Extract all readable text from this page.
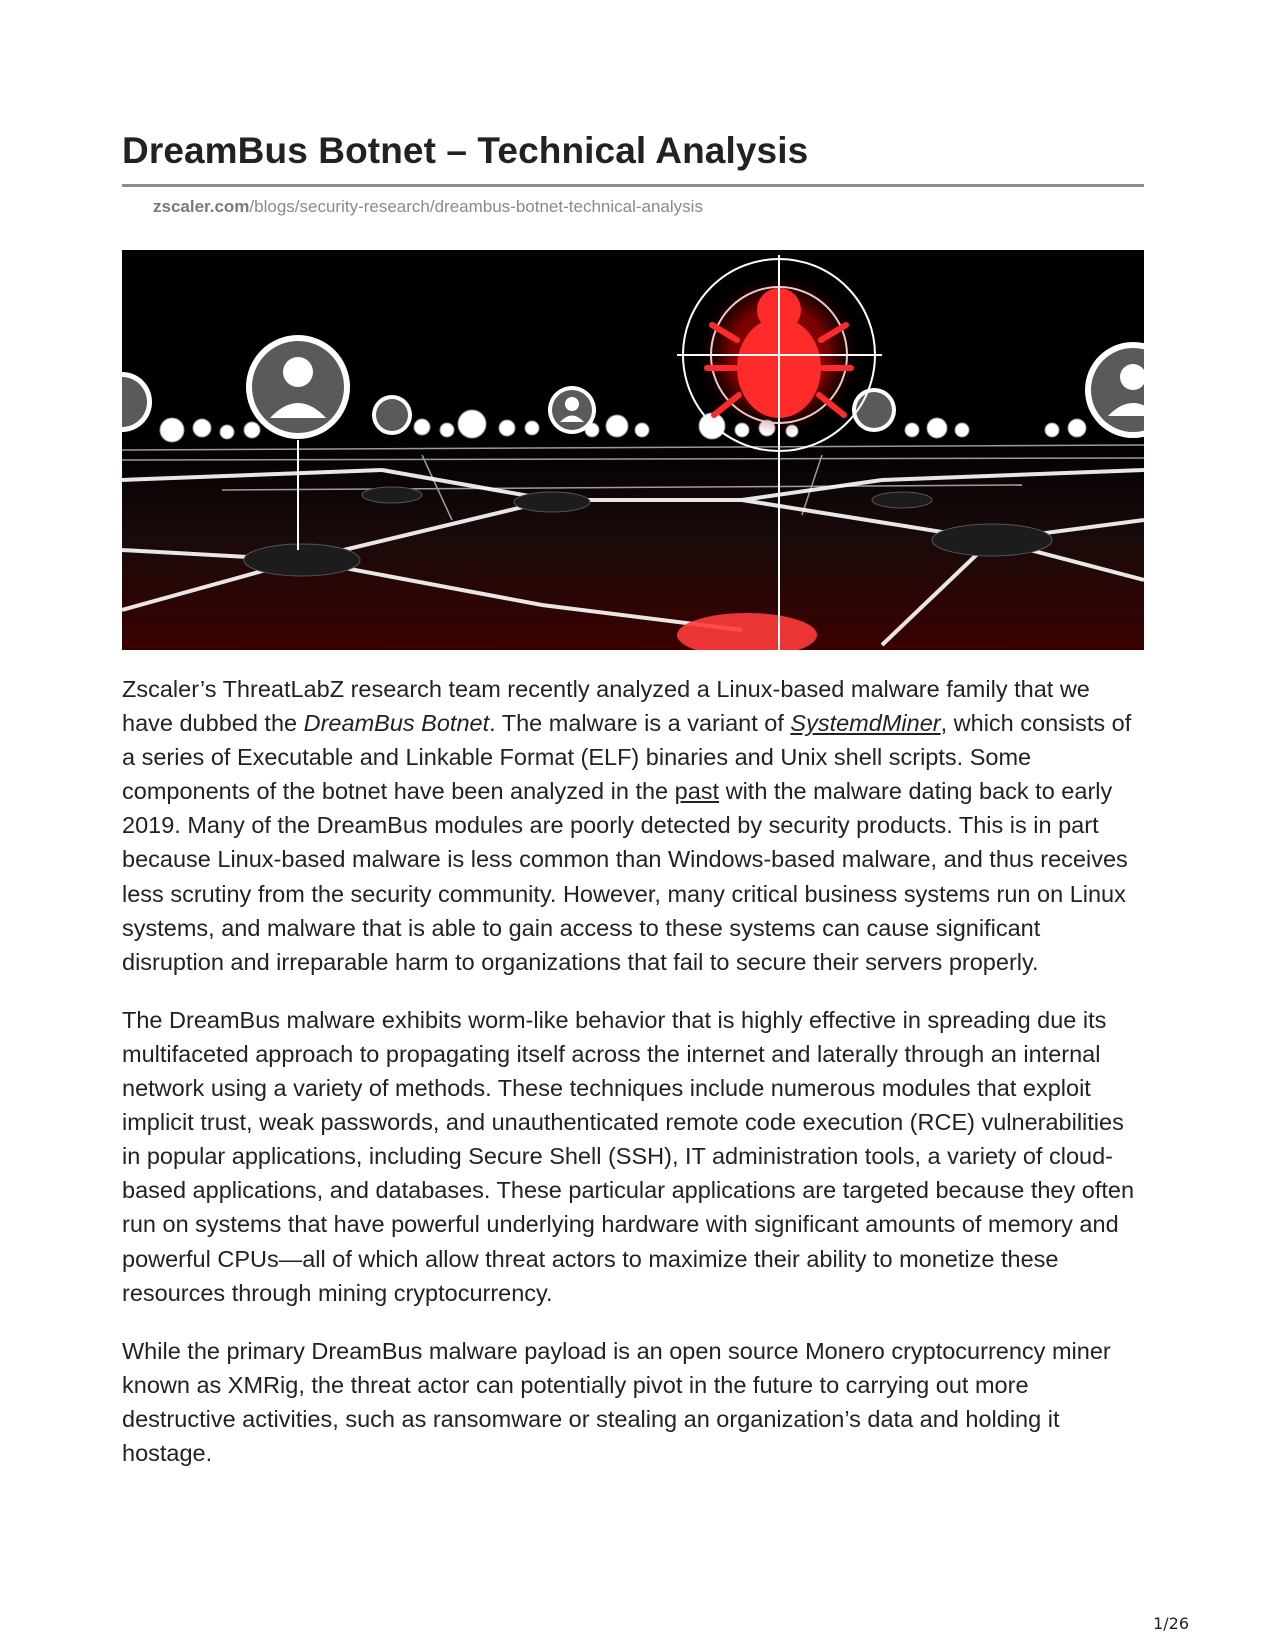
DreamBus Botnet – Technical Analysis
zscaler.com/blogs/security-research/dreambus-botnet-technical-analysis

Zscaler’s ThreatLabZ research team recently analyzed a Linux-based malware family that we have dubbed the DreamBus Botnet. The malware is a variant of SystemdMiner, which consists of a series of Executable and Linkable Format (ELF) binaries and Unix shell scripts. Some components of the botnet have been analyzed in the past with the malware dating back to early 2019. Many of the DreamBus modules are poorly detected by security products. This is in part because Linux-based malware is less common than Windows-based malware, and thus receives less scrutiny from the security community. However, many critical business systems run on Linux systems, and malware that is able to gain access to these systems can cause significant disruption and irreparable harm to organizations that fail to secure their servers properly.

The DreamBus malware exhibits worm-like behavior that is highly effective in spreading due its multifaceted approach to propagating itself across the internet and laterally through an internal network using a variety of methods. These techniques include numerous modules that exploit implicit trust, weak passwords, and unauthenticated remote code execution (RCE) vulnerabilities in popular applications, including Secure Shell (SSH), IT administration tools, a variety of cloud-based applications, and databases. These particular applications are targeted because they often run on systems that have powerful underlying hardware with significant amounts of memory and powerful CPUs—all of which allow threat actors to maximize their ability to monetize these resources through mining cryptocurrency.

While the primary DreamBus malware payload is an open source Monero cryptocurrency miner known as XMRig, the threat actor can potentially pivot in the future to carrying out more destructive activities, such as ransomware or stealing an organization’s data and holding it hostage.

1/26
